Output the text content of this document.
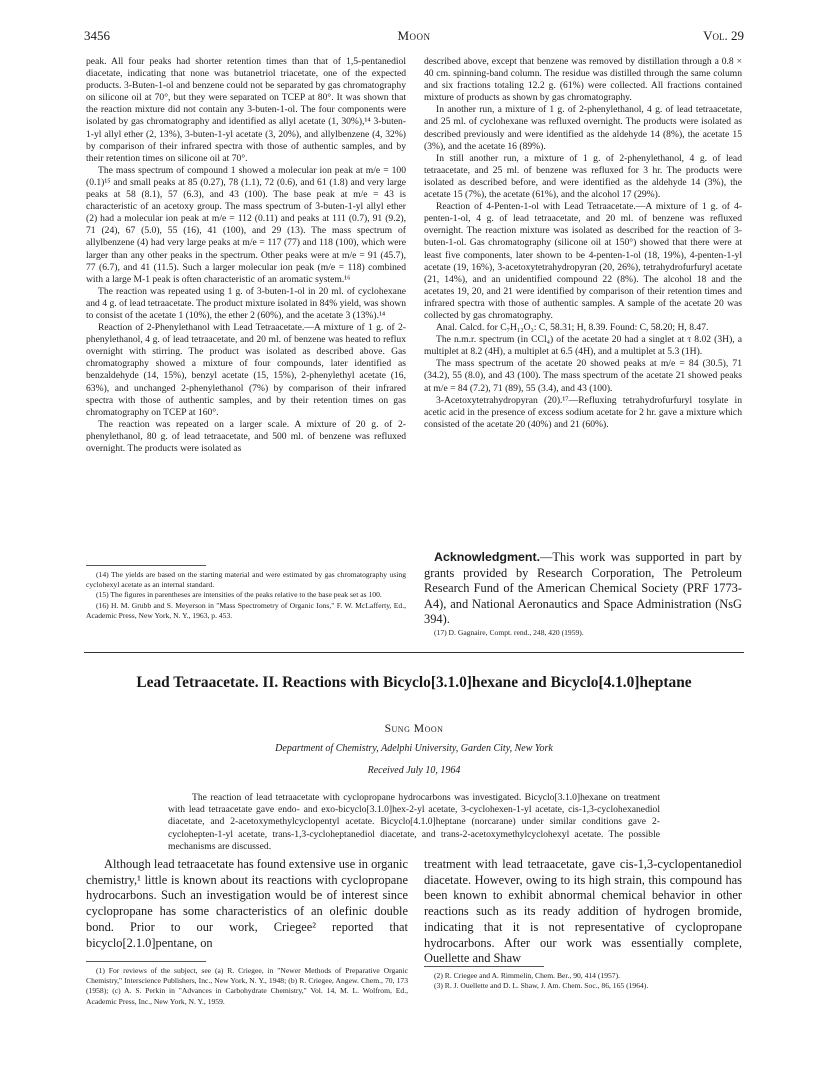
3456	Moon	Vol. 29

peak. All four peaks had shorter retention times than that of 1,5-pentanediol diacetate, indicating that none was butanetriol triacetate, one of the expected products. 3-Buten-1-ol and benzene could not be separated by gas chromatography on silicone oil at 70°, but they were separated on TCEP at 80°. It was shown that the reaction mixture did not contain any 3-buten-1-ol. The four components were isolated by gas chromatography and identified as allyl acetate (1, 30%),¹⁴ 3-buten-1-yl allyl ether (2, 13%), 3-buten-1-yl acetate (3, 20%), and allylbenzene (4, 32%) by comparison of their infrared spectra with those of authentic samples, and by their retention times on silicone oil at 70°.

The mass spectrum of compound 1 showed a molecular ion peak at m/e = 100 (0.1)¹⁵ and small peaks at 85 (0.27), 78 (1.1), 72 (0.6), and 61 (1.8) and very large peaks at 58 (8.1), 57 (6.3), and 43 (100). The base peak at m/e = 43 is characteristic of an acetoxy group. The mass spectrum of 3-buten-1-yl allyl ether (2) had a molecular ion peak at m/e = 112 (0.11) and peaks at 111 (0.7), 91 (9.2), 71 (24), 67 (5.0), 55 (16), 41 (100), and 29 (13). The mass spectrum of allylbenzene (4) had very large peaks at m/e = 117 (77) and 118 (100), which were larger than any other peaks in the spectrum. Other peaks were at m/e = 91 (45.7), 77 (6.7), and 41 (11.5). Such a larger molecular ion peak (m/e = 118) combined with a large M-1 peak is often characteristic of an aromatic system.¹⁶

The reaction was repeated using 1 g. of 3-buten-1-ol in 20 ml. of cyclohexane and 4 g. of lead tetraacetate. The product mixture isolated in 84% yield, was shown to consist of the acetate 1 (10%), the ether 2 (60%), and the acetate 3 (13%).¹⁴

Reaction of 2-Phenylethanol with Lead Tetraacetate.—A mixture of 1 g. of 2-phenylethanol, 4 g. of lead tetraacetate, and 20 ml. of benzene was heated to reflux overnight with stirring. The product was isolated as described above. Gas chromatography showed a mixture of four compounds, later identified as benzaldehyde (14, 15%), benzyl acetate (15, 15%), 2-phenylethyl acetate (16, 63%), and unchanged 2-phenylethanol (7%) by comparison of their infrared spectra with those of authentic samples, and by their retention times on gas chromatography on TCEP at 160°.

The reaction was repeated on a larger scale. A mixture of 20 g. of 2-phenylethanol, 80 g. of lead tetraacetate, and 500 ml. of benzene was refluxed overnight. The products were isolated as

(14) The yields are based on the starting material and were estimated by gas chromatography using cyclohexyl acetate as an internal standard.

(15) The figures in parentheses are intensities of the peaks relative to the base peak set as 100.

(16) H. M. Grubb and S. Meyerson in "Mass Spectrometry of Organic Ions," F. W. McLafferty, Ed., Academic Press, New York, N. Y., 1963, p. 453.

described above, except that benzene was removed by distillation through a 0.8 × 40 cm. spinning-band column. The residue was distilled through the same column and six fractions totaling 12.2 g. (61%) were collected. All fractions contained mixture of products as shown by gas chromatography.

In another run, a mixture of 1 g. of 2-phenylethanol, 4 g. of lead tetraacetate, and 25 ml. of cyclohexane was refluxed overnight. The products were isolated as described previously and were identified as the aldehyde 14 (8%), the acetate 15 (3%), and the acetate 16 (89%).

In still another run, a mixture of 1 g. of 2-phenylethanol, 4 g. of lead tetraacetate, and 25 ml. of benzene was refluxed for 3 hr. The products were isolated as described before, and were identified as the aldehyde 14 (3%), the acetate 15 (7%), the acetate (61%), and the alcohol 17 (29%).

Reaction of 4-Penten-1-ol with Lead Tetraacetate.—A mixture of 1 g. of 4-penten-1-ol, 4 g. of lead tetraacetate, and 20 ml. of benzene was refluxed overnight. The reaction mixture was isolated as described for the reaction of 3-buten-1-ol. Gas chromatography (silicone oil at 150°) showed that there were at least five components, later shown to be 4-penten-1-ol (18, 19%), 4-penten-1-yl acetate (19, 16%), 3-acetoxytetrahydropyran (20, 26%), tetrahydrofurfuryl acetate (21, 14%), and an unidentified compound 22 (8%). The alcohol 18 and the acetates 19, 20, and 21 were identified by comparison of their retention times and infrared spectra with those of authentic samples. A sample of the acetate 20 was collected by gas chromatography.

Anal. Calcd. for C₇H₁₂O₃: C, 58.31; H, 8.39. Found: C, 58.20; H, 8.47.

The n.m.r. spectrum (in CCl₄) of the acetate 20 had a singlet at τ 8.02 (3H), a multiplet at 8.2 (4H), a multiplet at 6.5 (4H), and a multiplet at 5.3 (1H).

The mass spectrum of the acetate 20 showed peaks at m/e = 84 (30.5), 71 (34.2), 55 (8.0), and 43 (100). The mass spectrum of the acetate 21 showed peaks at m/e = 84 (7.2), 71 (89), 55 (3.4), and 43 (100).

3-Acetoxytetrahydropyran (20).¹⁷—Refluxing tetrahydrofurfuryl tosylate in acetic acid in the presence of excess sodium acetate for 2 hr. gave a mixture which consisted of the acetate 20 (40%) and 21 (60%).

Acknowledgment.—This work was supported in part by grants provided by Research Corporation, The Petroleum Research Fund of the American Chemical Society (PRF 1773-A4), and National Aeronautics and Space Administration (NsG 394).

(17) D. Gagnaire, Compt. rend., 248, 420 (1959).

Lead Tetraacetate. II. Reactions with Bicyclo[3.1.0]hexane and Bicyclo[4.1.0]heptane
Sung Moon
Department of Chemistry, Adelphi University, Garden City, New York
Received July 10, 1964

The reaction of lead tetraacetate with cyclopropane hydrocarbons was investigated. Bicyclo[3.1.0]hexane on treatment with lead tetraacetate gave endo- and exo-bicyclo[3.1.0]hex-2-yl acetate, 3-cyclohexen-1-yl acetate, cis-1,3-cyclohexanediol diacetate, and 2-acetoxymethylcyclopentyl acetate. Bicyclo[4.1.0]heptane (norcarane) under similar conditions gave 2-cyclohepten-1-yl acetate, trans-1,3-cycloheptanediol diacetate, and trans-2-acetoxymethylcyclohexyl acetate. The possible mechanisms are discussed.

Although lead tetraacetate has found extensive use in organic chemistry,¹ little is known about its reactions with cyclopropane hydrocarbons. Such an investigation would be of interest since cyclopropane has some characteristics of an olefinic double bond. Prior to our work, Criegee² reported that bicyclo[2.1.0]pentane, on

treatment with lead tetraacetate, gave cis-1,3-cyclopentanediol diacetate. However, owing to its high strain, this compound has been known to exhibit abnormal chemical behavior in other reactions such as its ready addition of hydrogen bromide, indicating that it is not representative of cyclopropane hydrocarbons. After our work was essentially complete, Ouellette and Shaw

(1) For reviews of the subject, see (a) R. Criegee, in "Newer Methods of Preparative Organic Chemistry," Interscience Publishers, Inc., New York, N. Y., 1948; (b) R. Criegee, Angew. Chem., 70, 173 (1958); (c) A. S. Perkin in "Advances in Carbohydrate Chemistry," Vol. 14, M. L. Wolfrom, Ed., Academic Press, Inc., New York, N. Y., 1959.

(2) R. Criegee and A. Rimmelin, Chem. Ber., 90, 414 (1957).

(3) R. J. Ouellette and D. L. Shaw, J. Am. Chem. Soc., 86, 165 (1964).
